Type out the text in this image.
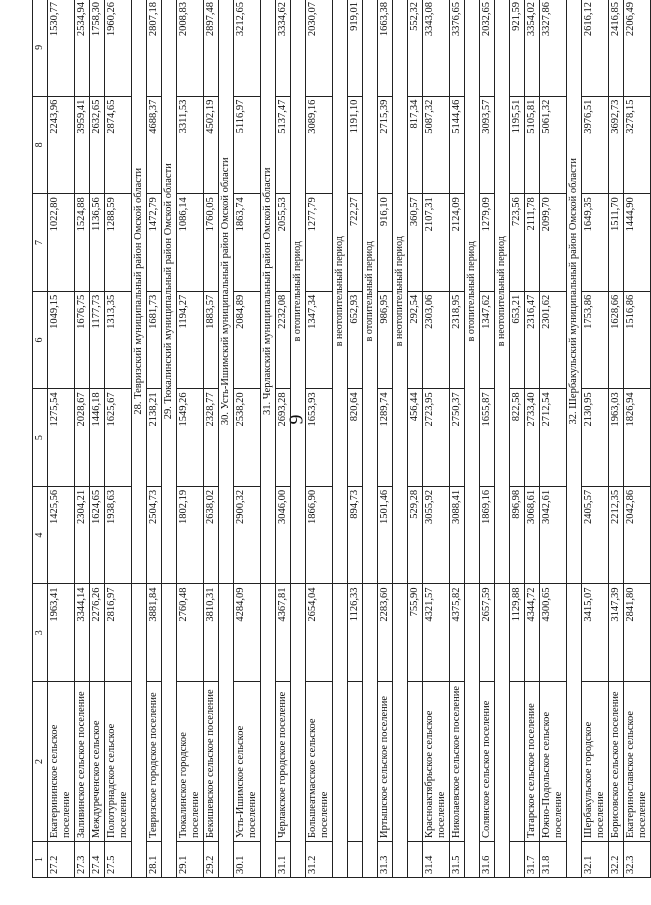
9
1	2	3	4	5	6	7	8	9
27.2	Екатерининское сельское поселение	1963,41	1425,56	1275,54	1049,15	1022,80	2243,96	1530,77
27.3	Заливинское сельское поселение	3344,14	2304,21	2028,67	1676,75	1524,88	3959,41	2534,94
27.4	Междуреченское сельское	2276,26	1624,65	1446,18	1177,73	1136,56	2632,65	1758,30
27.5	Полотурнадское сельское поселение	2816,97	1938,63	1625,67	1313,35	1288,59	2874,65	1960,26
			28. Тевризский муниципальный район Омской области					
28.1	Тевризское городское поселение	3881,84	2504,73	2138,21	1681,73	1472,79	4688,37	2807,18
			29. Тюкалинский муниципальный район Омской области					
29.1	Тюкалинское городское поселение	2760,48	1802,19	1549,26	1194,27	1086,14	3311,53	2008,83
29.2	Бекишевское сельское поселение	3810,31	2638,02	2328,77	1883,57	1760,05	4502,19	2897,48
			30. Усть-Ишимский муниципальный район Омской области					
30.1	Усть-Ишимское сельское поселение	4284,09	2900,32	2538,20	2084,89	1863,74	5116,97	3212,65
			31. Черлакский муниципальный район Омской области					
31.1	Черлакское городское поселение	4367,81	3046,00	2693,28	2232,08	2055,53	5137,47	3334,62
			в отопительный период					
31.2	Большеатмасское сельское поселение	2654,04	1866,90	1653,93	1347,34	1277,79	3089,16	2030,07
			в неотопительный период					
		1126,33	894,73	820,64	652,93	722,27	1191,10	919,01
			в отопительный период					
31.3	Иртышское сельское поселение	2283,60	1501,46	1289,74	986,95	916,10	2715,39	1663,38
			в неотопительный период					
		755,90	529,28	456,44	292,54	360,57	817,34	552,32
31.4	Красноактябрьское сельское поселение	4321,57	3055,92	2723,95	2303,06	2107,31	5087,32	3343,08
31.5	Николаевское сельское поселение	4375,82	3088,41	2750,37	2318,95	2124,09	5144,46	3376,65
			в отопительный период					
31.6	Солянское сельское поселение	2657,59	1869,16	1655,87	1347,62	1279,09	3093,57	2032,65
			в неотопительный период					
		1129,88	896,98	822,58	653,21	723,56	1195,51	921,59
31.7	Татарское сельское поселение	4344,72	3068,61	2733,40	2316,47	2111,78	5105,81	3354,02
31.8	Южно-Подольское сельское поселение	4300,65	3042,61	2712,54	2301,62	2099,70	5061,32	3327,86
			32. Шербакульский муниципальный район Омской области					
32.1	Шербакульское городское поселение	3415,07	2405,57	2130,95	1753,86	1649,35	3976,51	2616,12
32.2	Борисовское сельское поселение	3147,39	2212,35	1963,03	1628,66	1511,70	3692,73	2416,85
32.3	Екатеринославское сельское поселение	2841,80	2042,86	1826,94	1516,86	1444,90	3278,15	2206,49
